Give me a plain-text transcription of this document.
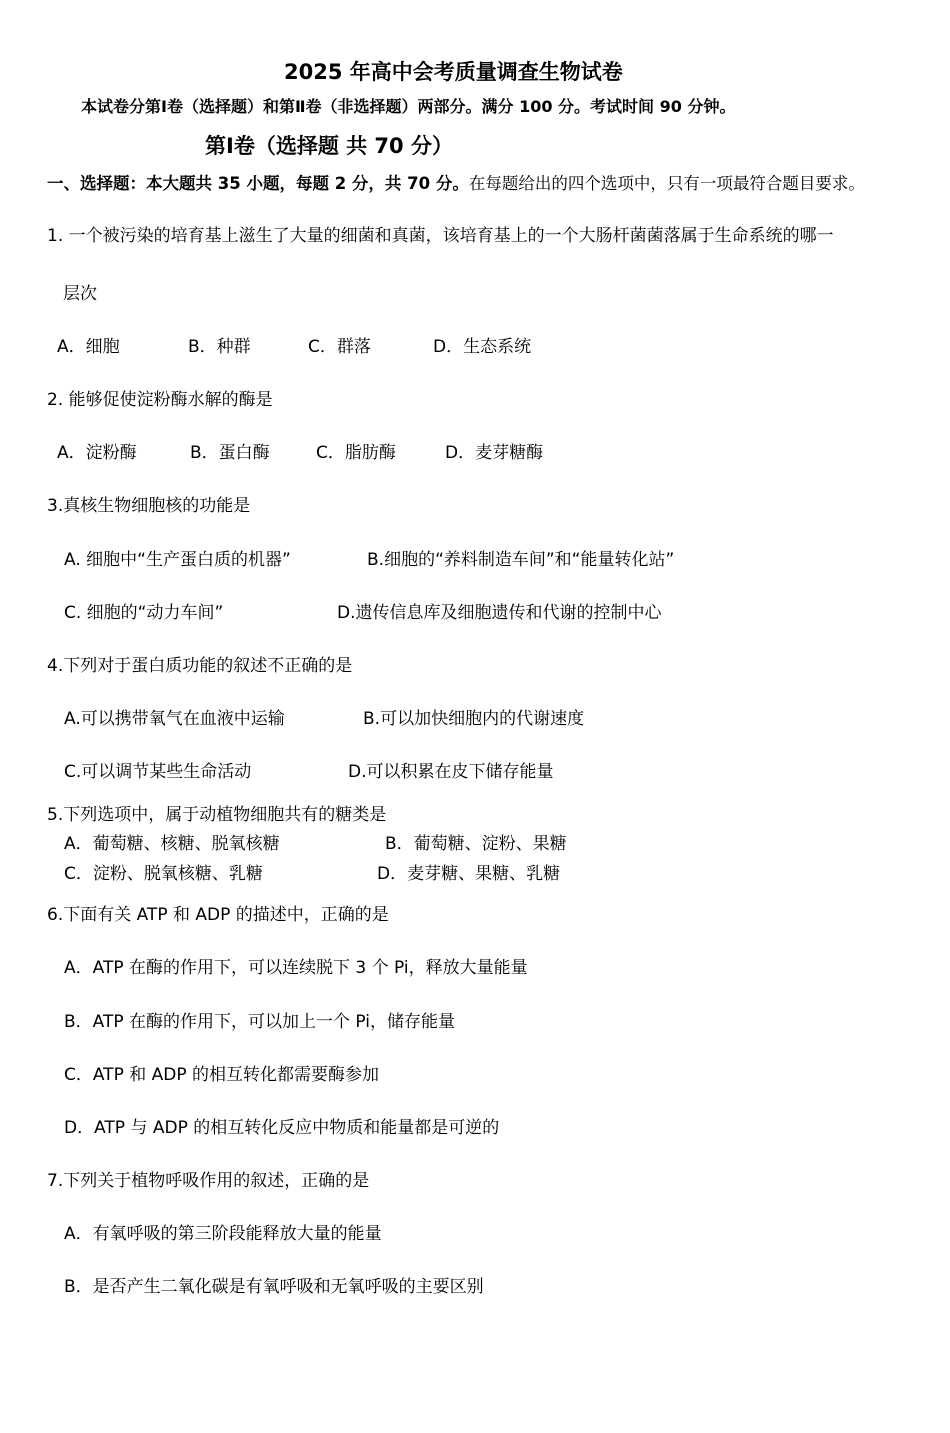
2025 年高中会考质量调查生物试卷
本试卷分第Ⅰ卷（选择题）和第Ⅱ卷（非选择题）两部分。满分 100 分。考试时间 90 分钟。
第Ⅰ卷（选择题 共 70 分）
一、选择题：本大题共 35 小题，每题 2 分，共 70 分。在每题给出的四个选项中，只有一项最符合题目要求。
1. 一个被污染的培育基上滋生了大量的细菌和真菌，该培育基上的一个大肠杆菌菌落属于生命系统的哪一
层次
A．细胞	B．种群	C．群落	D．生态系统
2. 能够促使淀粉酶水解的酶是
A．淀粉酶	B．蛋白酶	C．脂肪酶	D．麦芽糖酶
3.真核生物细胞核的功能是
A. 细胞中“生产蛋白质的机器”	B.细胞的“养料制造车间”和“能量转化站”
C. 细胞的“动力车间”	D.遗传信息库及细胞遗传和代谢的控制中心
4.下列对于蛋白质功能的叙述不正确的是
A.可以携带氧气在血液中运输	B.可以加快细胞内的代谢速度
C.可以调节某些生命活动	D.可以积累在皮下储存能量
5.下列选项中，属于动植物细胞共有的糖类是
A．葡萄糖、核糖、脱氧核糖	B．葡萄糖、淀粉、果糖
C．淀粉、脱氧核糖、乳糖	D．麦芽糖、果糖、乳糖
6.下面有关 ATP 和 ADP 的描述中，正确的是
A．ATP 在酶的作用下，可以连续脱下 3 个 Pi，释放大量能量
B．ATP 在酶的作用下，可以加上一个 Pi，储存能量
C．ATP 和 ADP 的相互转化都需要酶参加
D．ATP 与 ADP 的相互转化反应中物质和能量都是可逆的
7.下列关于植物呼吸作用的叙述，正确的是
A．有氧呼吸的第三阶段能释放大量的能量
B．是否产生二氧化碳是有氧呼吸和无氧呼吸的主要区别
